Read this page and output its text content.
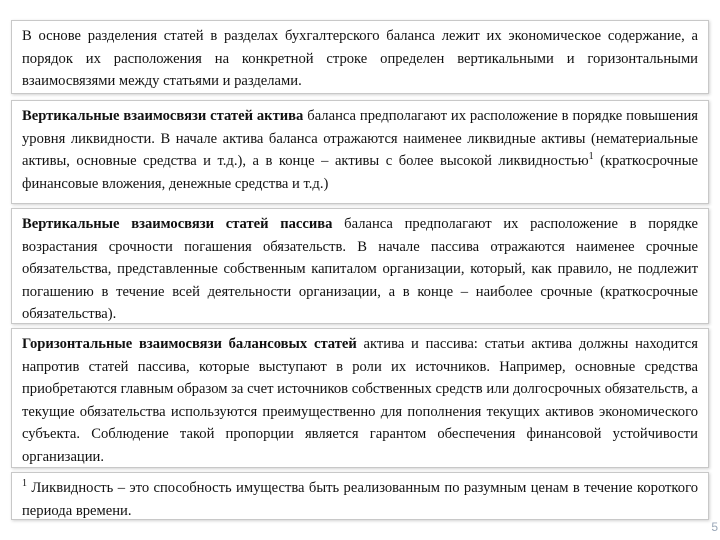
В основе разделения статей в разделах бухгалтерского баланса лежит их экономическое содержание, а порядок их расположения на конкретной строке определен вертикальными и горизонтальными взаимосвязями между статьями и разделами.

Вертикальные взаимосвязи статей актива баланса предполагают их расположение в порядке повышения уровня ликвидности. В начале актива баланса отражаются наименее ликвидные активы (нематериальные активы, основные средства и т.д.), а в конце – активы с более высокой ликвидностью$^1$ (краткосрочные финансовые вложения, денежные средства и т.д.)

Вертикальные взаимосвязи статей пассива баланса предполагают их расположение в порядке возрастания срочности погашения обязательств. В начале пассива отражаются наименее срочные обязательства, представленные собственным капиталом организации, который, как правило, не подлежит погашению в течение всей деятельности организации, а в конце – наиболее срочные (краткосрочные обязательства).

Горизонтальные взаимосвязи балансовых статей актива и пассива: статьи актива должны находится напротив статей пассива, которые выступают в роли их источников. Например, основные средства приобретаются главным образом за счет источников собственных средств или долгосрочных обязательств, а текущие обязательства используются преимущественно для пополнения текущих активов экономического субъекта. Соблюдение такой пропорции является гарантом обеспечения финансовой устойчивости организации.

$^1$ Ликвидность – это способность имущества быть реализованным по разумным ценам в течение короткого периода времени.

5
